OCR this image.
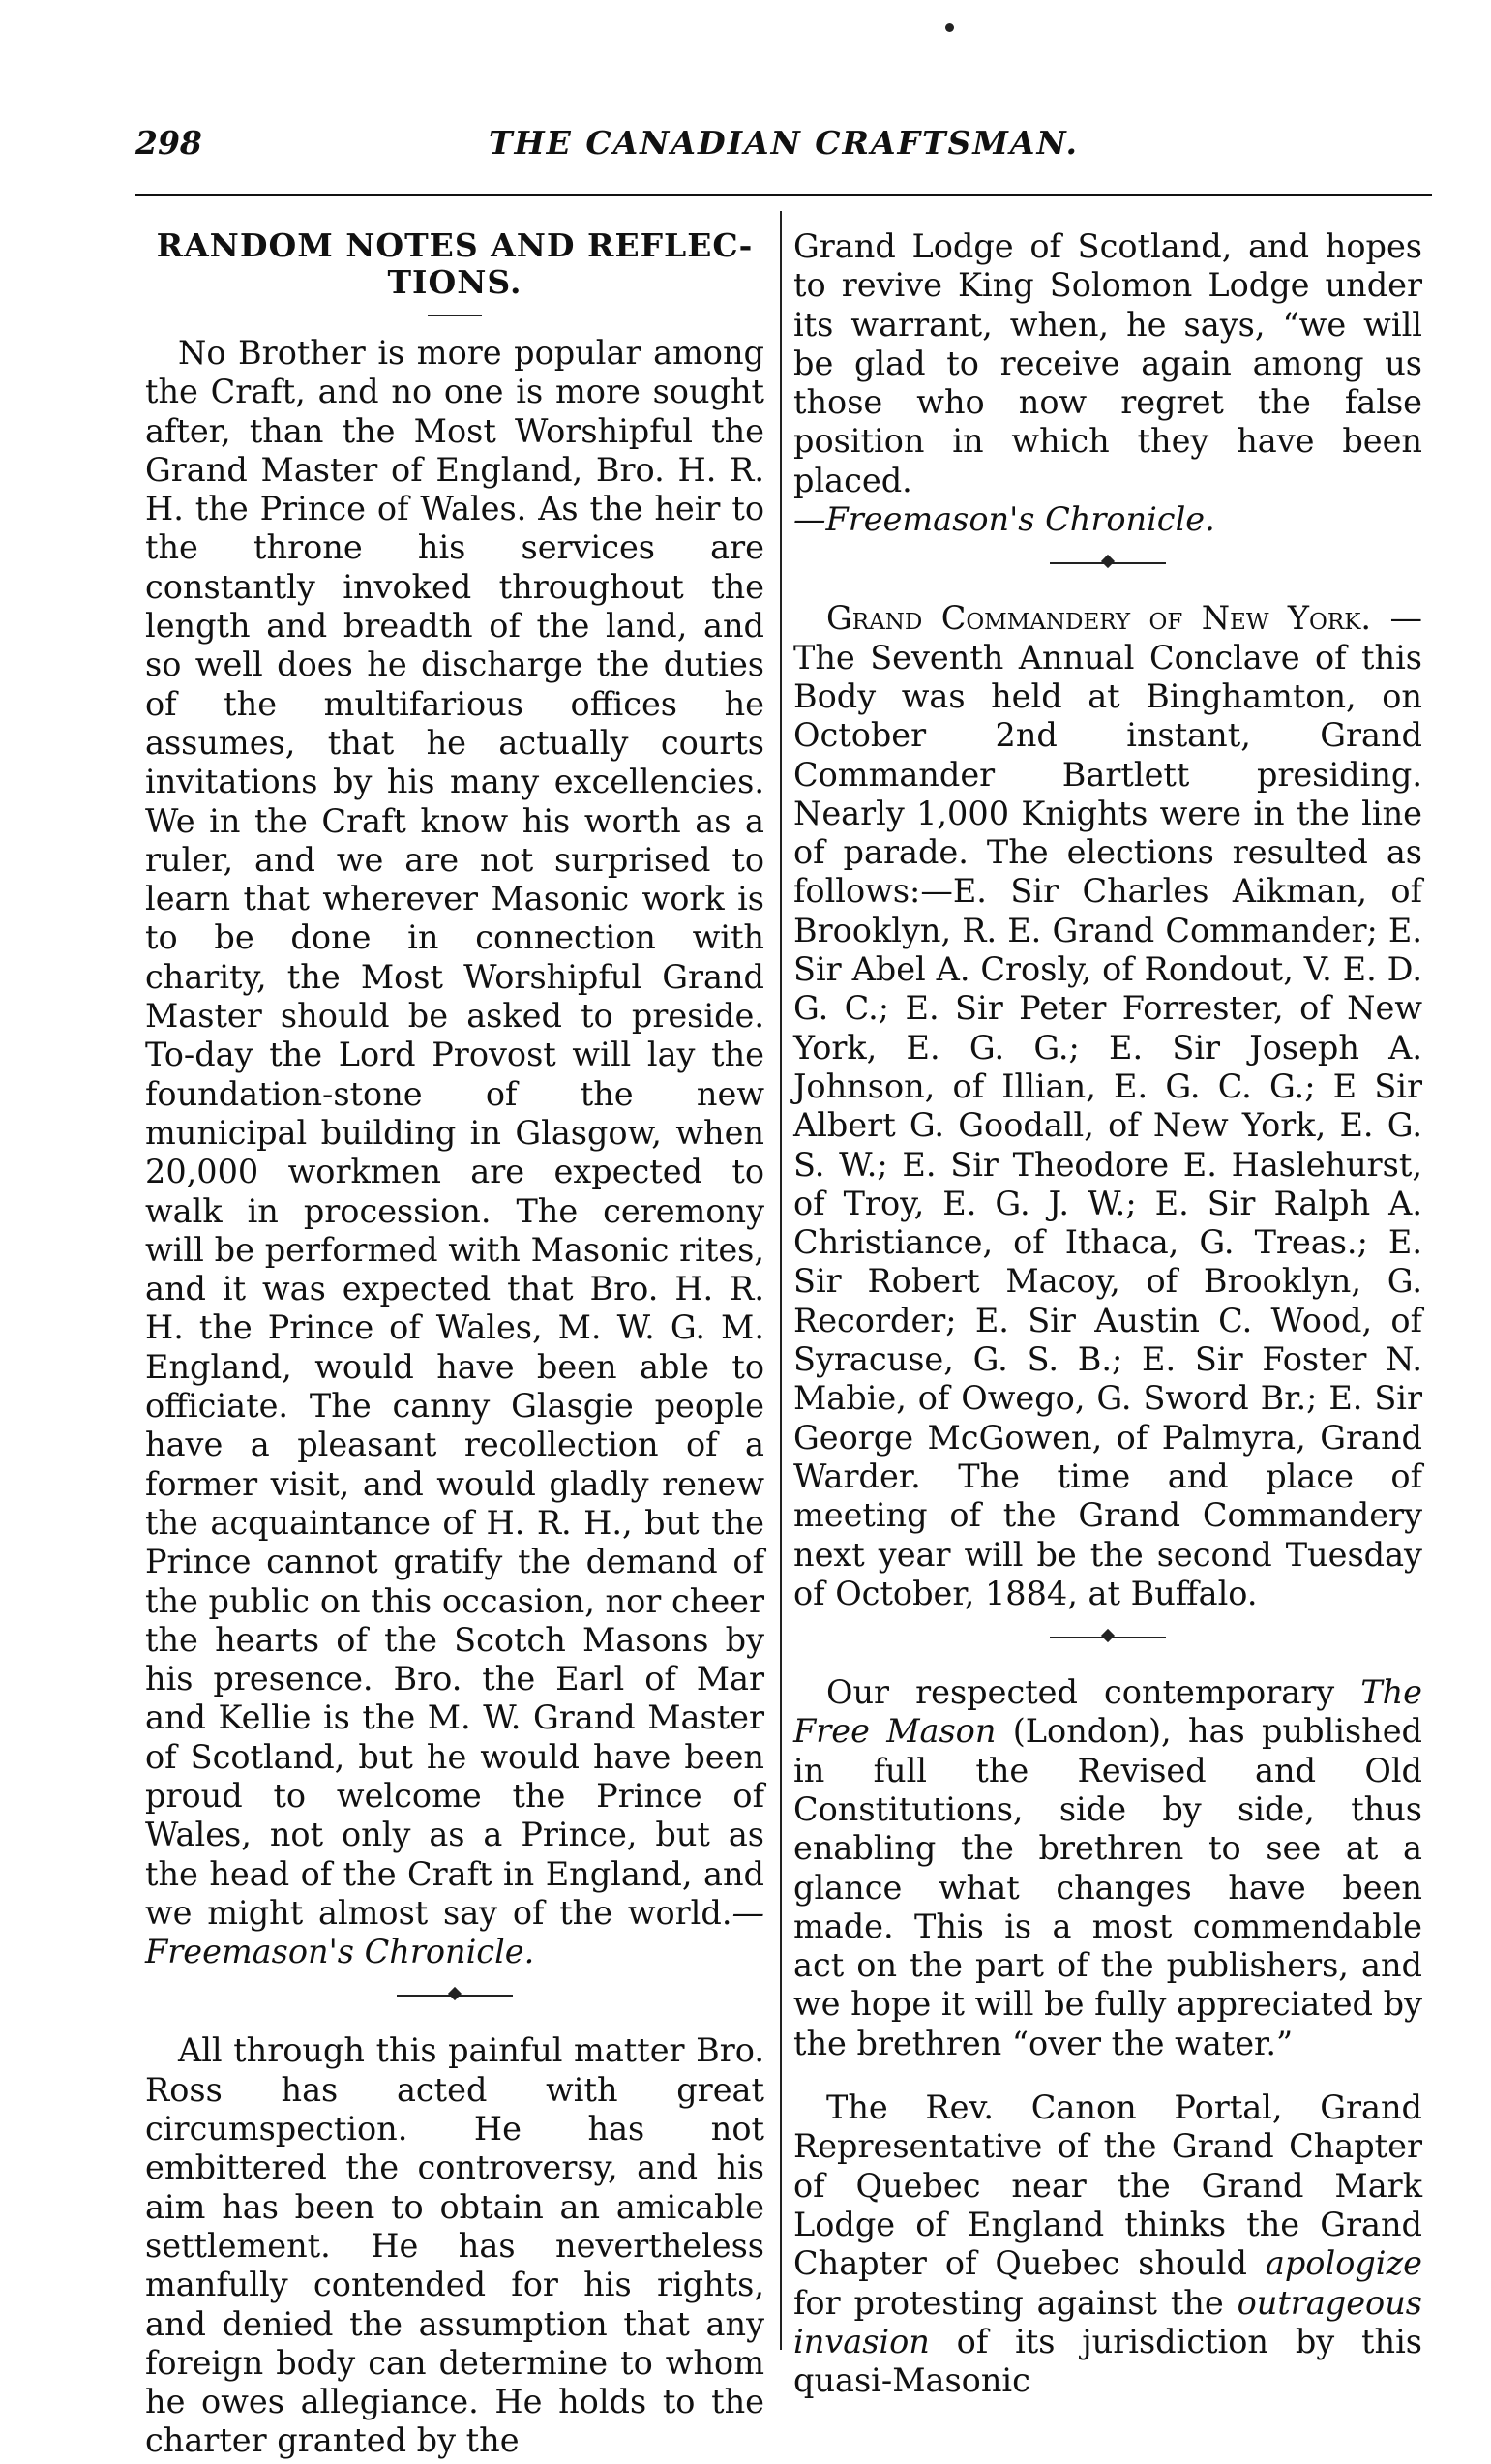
298	THE CANADIAN CRAFTSMAN.
RANDOM NOTES AND REFLEC-TIONS.

No Brother is more popular among the Craft, and no one is more sought after, than the Most Worshipful the Grand Master of England, Bro. H. R. H. the Prince of Wales. As the heir to the throne his services are constantly invoked throughout the length and breadth of the land, and so well does he discharge the duties of the multifarious offices he assumes, that he actually courts invitations by his many excellencies. We in the Craft know his worth as a ruler, and we are not surprised to learn that wherever Masonic work is to be done in connection with charity, the Most Worshipful Grand Master should be asked to preside. To-day the Lord Provost will lay the foundation-stone of the new municipal building in Glasgow, when 20,000 workmen are expected to walk in procession. The ceremony will be performed with Masonic rites, and it was expected that Bro. H. R. H. the Prince of Wales, M. W. G. M. England, would have been able to officiate. The canny Glasgie people have a pleasant recollection of a former visit, and would gladly renew the acquaintance of H. R. H., but the Prince cannot gratify the demand of the public on this occasion, nor cheer the hearts of the Scotch Masons by his presence. Bro. the Earl of Mar and Kellie is the M. W. Grand Master of Scotland, but he would have been proud to welcome the Prince of Wales, not only as a Prince, but as the head of the Craft in England, and we might almost say of the world.—Freemason's Chronicle.

All through this painful matter Bro. Ross has acted with great circumspection. He has not embittered the controversy, and his aim has been to obtain an amicable settlement. He has nevertheless manfully contended for his rights, and denied the assumption that any foreign body can determine to whom he owes allegiance. He holds to the charter granted by the

Grand Lodge of Scotland, and hopes to revive King Solomon Lodge under its warrant, when, he says, “we will be glad to receive again among us those who now regret the false position in which they have been placed.
—Freemason's Chronicle.

Grand Commandery of New York. —The Seventh Annual Conclave of this Body was held at Binghamton, on October 2nd instant, Grand Commander Bartlett presiding. Nearly 1,000 Knights were in the line of parade. The elections resulted as follows:—E. Sir Charles Aikman, of Brooklyn, R. E. Grand Commander; E. Sir Abel A. Crosly, of Rondout, V. E. D. G. C.; E. Sir Peter Forrester, of New York, E. G. G.; E. Sir Joseph A. Johnson, of Illian, E. G. C. G.; E Sir Albert G. Goodall, of New York, E. G. S. W.; E. Sir Theodore E. Haslehurst, of Troy, E. G. J. W.; E. Sir Ralph A. Christiance, of Ithaca, G. Treas.; E. Sir Robert Macoy, of Brooklyn, G. Recorder; E. Sir Austin C. Wood, of Syracuse, G. S. B.; E. Sir Foster N. Mabie, of Owego, G. Sword Br.; E. Sir George McGowen, of Palmyra, Grand Warder. The time and place of meeting of the Grand Commandery next year will be the second Tuesday of October, 1884, at Buffalo.

Our respected contemporary The Free Mason (London), has published in full the Revised and Old Constitutions, side by side, thus enabling the brethren to see at a glance what changes have been made. This is a most commendable act on the part of the publishers, and we hope it will be fully appreciated by the brethren “over the water.”

The Rev. Canon Portal, Grand Representative of the Grand Chapter of Quebec near the Grand Mark Lodge of England thinks the Grand Chapter of Quebec should apologize for protesting against the outrageous invasion of its jurisdiction by this quasi-Masonic
